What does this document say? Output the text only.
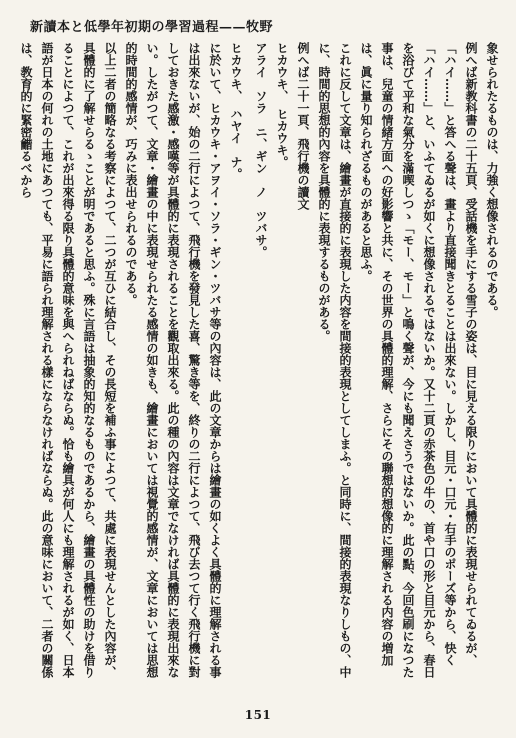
新讀本と低學年初期の學習過程——牧野
象せられたるものは、力強く想像されるのである。
例へば新教科書の二十五頁、受話機を手にする雪子の姿は、目に見える限りにおいて具體的に表現せられてゐるが、「ハイ……」と答へる聲は、畫より直接聞きとることは出來ない。しかし、目元・口元・右手のポーズ等から、快く「ハイ……」と、いふてゐるが如くに想像されるではないか。又十二頁の赤茶色の牛の、首や口の形と目元から、春日を浴びて平和な氣分を滿喫しつゝ「モー、モー」と鳴く聲が、今にも聞えさうではないか。此の點、今回色刷になつた事は、兒童の情緒方面への好影響と共に、その世界の具體的理解、さらにその聯想的想像的に理解される内容の増加は、眞に量り知られざるものがあると思ふ。
これに反して文章は、繪畫が直接的に表現した内容を間接的表現としてしまふ。と同時に、間接的表現なりしもの、中に、時間的思想的內容を具體的に表現するものがある。
例へば二十一頁、飛行機の讀文
ヒカウキ、　ヒカウキ。
アライ　ソラ　ニ、ギン　ノ　ツバサ。
ヒカウキ、　ハヤイ　ナ。
に於いて、ヒカウキ・アヲイ・ソラ・ギン・ツバサ等の內容は、此の文章からは繪畫の如くよく具體的に理解される事は出來ないが、始の二行によつて、飛行機を發見した喜、驚き等を、終りの二行によつて、飛び去つて行く飛行機に對しておきた感激・感嘆等が具體的に表現されることを觀取出來る。此の種の內容は文章でなければ具體的に表現出來ない。したがつて、文章・繪畫の中に表現せられたる感情の如きも、繪畫においては視覺的感情が、文章においては思想的時間的感情が、巧みに表出せられるのである。
以上二者の簡略なる考察によつて、二つが互ひに結合し、その長短を補ふ事によつて、共處に表現せんとした內容が、具體的に了解せらるゝことが明であると思ふ。殊に言語は抽象的知的なるものであるから、繪畫の具體性の助けを借りることによつて、これが出來得る限り具體的意味を與へられねばならぬ。恰も繪具が何人にも理解されるが如く、日本語が日本の何れの土地にあつても、平易に語られ理解される樣にならなければならぬ。此の意味において、二者の關係は、教育的に緊密龤るべから
151
